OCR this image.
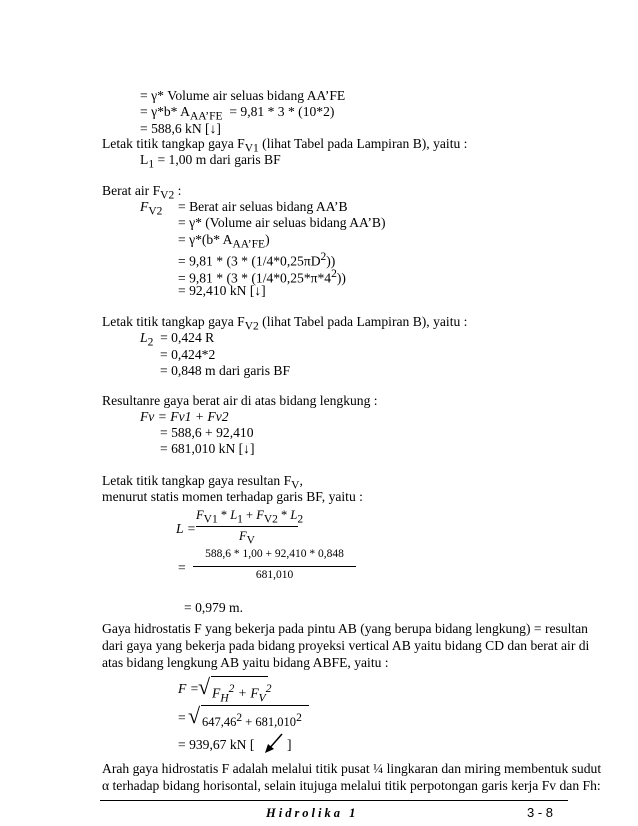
= γ* Volume air seluas bidang AA’FE
= γ*b* $A_{AA’FE} = 9,81 * 3 * (10*2)$
= 588,6 kN [↓]
Letak titik tangkap gaya $F_{V1}$ (lihat Tabel pada Lampiran B), yaitu :
$L_1 = 1,00$ m dari garis BF
Berat air $F_{V2}$ :
$F_{V2}$ = Berat air seluas bidang AA’B
= γ* (Volume air seluas bidang AA’B)
= γ*(b* $A_{AA’FE}$)
= $9,81 * (3 * (1/4*0,25\pi D^2))$
= $9,81 * (3 * (1/4*0,25*\pi*4^2))$
= 92,410 kN [↓]
Letak titik tangkap gaya $F_{V2}$ (lihat Tabel pada Lampiran B), yaitu :
$L_2 = 0,424$ R
= 0,424*2
= 0,848 m dari garis BF
Resultanre gaya berat air di atas bidang lengkung :
Fv = Fv1 + Fv2
= 588,6 + 92,410
= 681,010 kN [↓]
Letak titik tangkap gaya resultan $F_V$,
menurut statis momen terhadap garis BF, yaitu :
L =
$F_{V1} * L_1 + F_{V2} * L_2$
$F_V$
=
588,6 * 1,00 + 92,410 * 0,848
681,010
= 0,979 m.
Gaya hidrostatis F yang bekerja pada pintu AB (yang berupa bidang lengkung) = resultan
dari gaya yang bekerja pada bidang proyeksi vertical AB yaitu bidang CD dan berat air di
atas bidang lengkung AB yaitu bidang ABFE, yaitu :
F = √ $F_H^2 + F_V^2$
= √ $647,46^2 + 681,010^2$
= 939,67 kN [ ]
Arah gaya hidrostatis F adalah melalui titik pusat ¼ lingkaran dan miring membentuk sudut
α terhadap bidang horisontal, selain itujuga melalui titik perpotongan garis kerja Fv dan Fh:
Hidrolika 1	3 - 8
